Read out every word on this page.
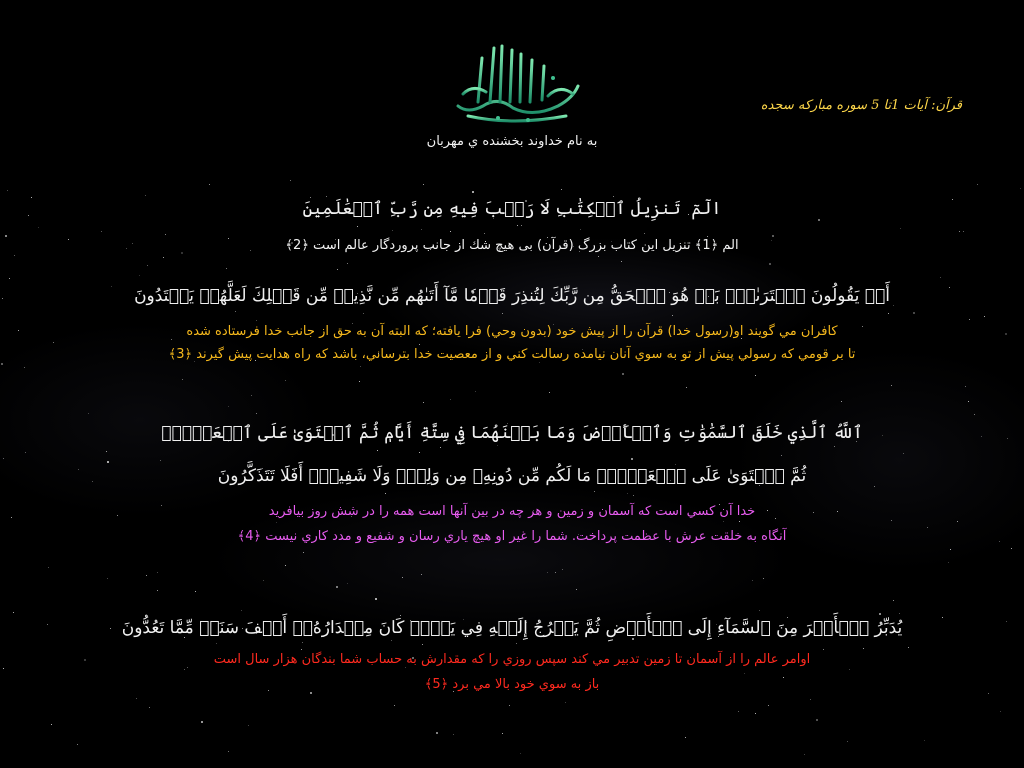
قرآن: آیات 1تا 5 سوره مباركه سجده
به نام خداوند بخشنده ي مهربان
الٓمٓ ‌ تَنزِيلُ ٱلۡكِتَٰبِ لَا رَيۡبَ فِيهِ مِن رَّبِّ ٱلۡعَٰلَمِينَ
الم ﴿1﴾ تنزیل این كتاب بزرگ (قرآن) بی هیچ شك از جانب پروردگار عالم است ﴿2﴾
أَمۡ يَقُولُونَ ٱفۡتَرَىٰهُۚ بَلۡ هُوَ ٱلۡحَقُّ مِن رَّبِّكَ لِتُنذِرَ قَوۡمٗا مَّآ أَتَىٰهُم مِّن نَّذِيرٖ مِّن قَبۡلِكَ لَعَلَّهُمۡ يَهۡتَدُونَ
كافران مي گويند او(رسول خدا) قرآن را از پيش خود (بدون وحي) فرا يافته؛ كه البته آن به حق از جانب خدا فرستاده شده
تا بر قومي كه رسولي پيش از تو به سوي آنان نيامده رسالت كني و از معصيت خدا بترساني، باشد كه راه هدايت پيش گيرند ﴿3﴾
ٱللَّهُ ٱلَّذِي خَلَقَ ٱلسَّمَٰوَٰتِ وَٱلۡأَرۡضَ وَمَا بَيۡنَهُمَا فِي سِتَّةِ أَيَّامٖ ثُمَّ ٱسۡتَوَىٰ عَلَى ٱلۡعَرۡشِۖ
ثُمَّ ٱسۡتَوَىٰ عَلَى ٱلۡعَرۡشِۖ مَا لَكُم مِّن دُونِهِۦ مِن وَلِيّٖ وَلَا شَفِيعٍۚ أَفَلَا تَتَذَكَّرُونَ
خدا آن كسي است كه آسمان و زمين و هر چه در بين آنها است همه را در شش روز بيافريد
آنگاه به خلقت عرش با عظمت پرداخت. شما را غير او هيچ ياري رسان و شفيع و مدد كاري نيست ﴿4﴾
يُدَبِّرُ ٱلۡأَمۡرَ مِنَ ٱلسَّمَآءِ إِلَى ٱلۡأَرۡضِ ثُمَّ يَعۡرُجُ إِلَيۡهِ فِي يَوۡمٖ كَانَ مِقۡدَارُهُۥٓ أَلۡفَ سَنَةٖ مِّمَّا تَعُدُّونَ
اوامر عالم را از آسمان تا زمين تدبير مي كند سپس روزي را كه مقدارش به حساب شما بندگان هزار سال است
باز به سوي خود بالا مي برد ﴿5﴾
